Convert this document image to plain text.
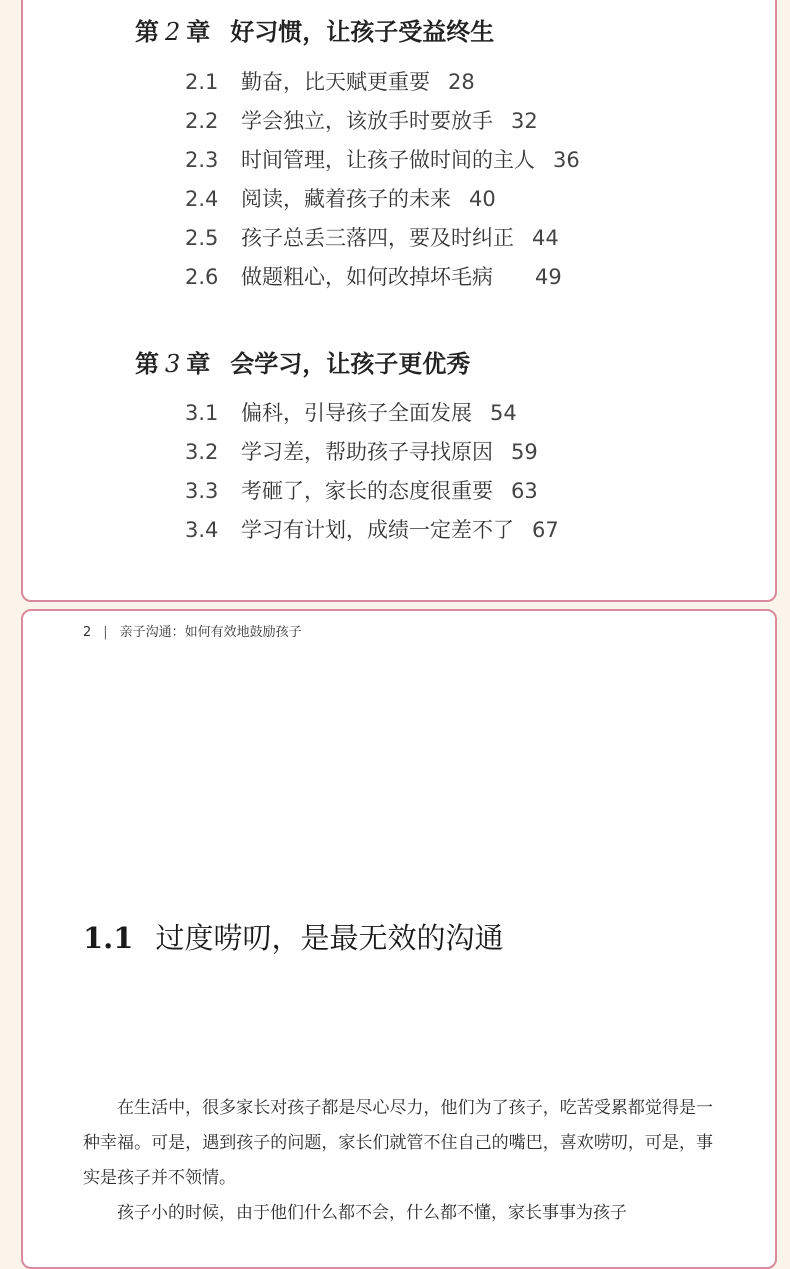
第 2 章 好习惯，让孩子受益终生
2.1 勤奋，比天赋更重要 28
2.2 学会独立，该放手时要放手 32
2.3 时间管理，让孩子做时间的主人 36
2.4 阅读，藏着孩子的未来 40
2.5 孩子总丢三落四，要及时纠正 44
2.6 做题粗心，如何改掉坏毛病 49
第 3 章 会学习，让孩子更优秀
3.1 偏科，引导孩子全面发展 54
3.2 学习差，帮助孩子寻找原因 59
3.3 考砸了，家长的态度很重要 63
3.4 学习有计划，成绩一定差不了 67
2 | 亲子沟通：如何有效地鼓励孩子
1.1 过度唠叨，是最无效的沟通

在生活中，很多家长对孩子都是尽心尽力，他们为了孩子，吃苦受累都觉得是一种幸福。可是，遇到孩子的问题，家长们就管不住自己的嘴巴，喜欢唠叨，可是，事实是孩子并不领情。

孩子小的时候，由于他们什么都不会，什么都不懂，家长事事为孩子
